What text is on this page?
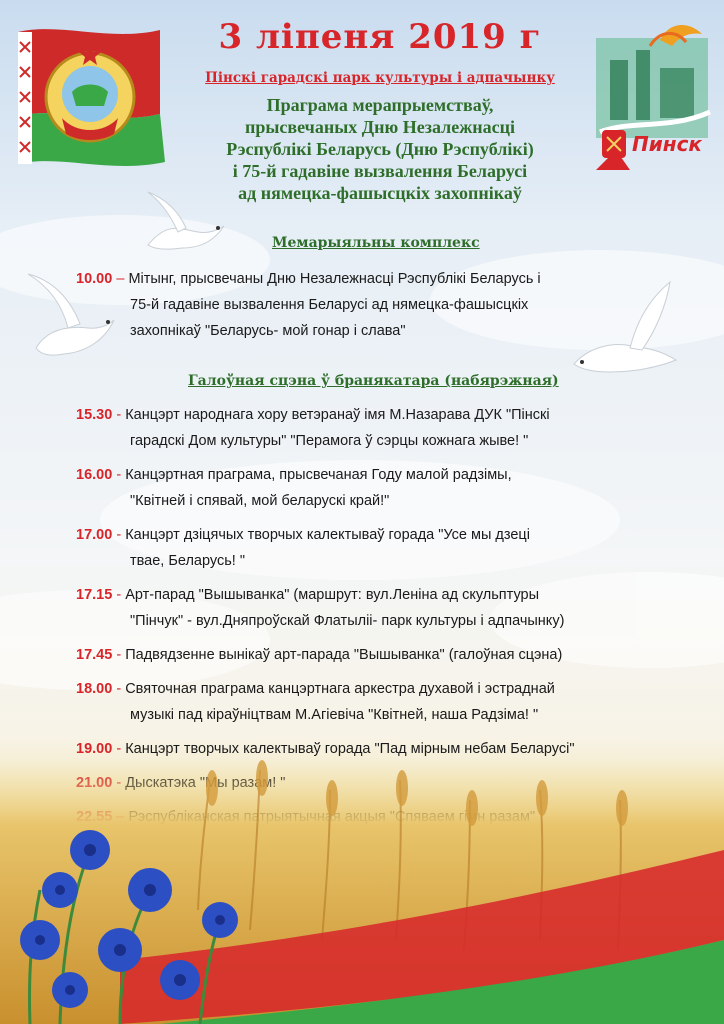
Пинск
3 ліпеня 2019 г
Пінскі гарадскі парк культуры і адпачынку
Праграма мерапрыемстваў,
прысвечаных Дню Незалежнасці
Рэспублікі Беларусь (Дню Рэспублікі)
і 75-й гадавіне вызвалення Беларусі
ад нямецка-фашысцкіх захопнікаў
Мемарыяльны комплекс
10.00 – Мітынг, прысвечаны Дню Незалежнасці Рэспублікі Беларусь і
75-й гадавіне вызвалення Беларусі ад нямецка-фашысцкіх
захопнікаў "Беларусь- мой гонар і слава"
Галоўная сцэна ў бранякатара (набярэжная)
15.30 - Канцэрт народнага хору ветэранаў імя М.Назарава ДУК "Пінскі
гарадскі Дом культуры" "Перамога ў сэрцы кожнага жыве! "
16.00 - Канцэртная праграма, прысвечаная Году малой радзімы,
"Квітней і спявай, мой беларускі край!"
17.00 - Канцэрт дзіцячых творчых калектываў горада "Усе мы дзеці
твае, Беларусь! "
17.15 - Арт-парад "Вышыванка" (маршрут: вул.Леніна ад скульптуры
"Пінчук" - вул.Дняпроўскай Флатыліі- парк культуры і адпачынку)
17.45 - Падвядзенне вынікаў арт-парада "Вышыванка" (галоўная сцэна)
18.00 - Святочная праграма канцэртнага аркестра духавой і эстраднай
музыкі пад кіраўніцтвам М.Агіевіча "Квітней, наша Радзіма! "
19.00 - Канцэрт творчых калектываў горада "Пад мірным небам Беларусі"
